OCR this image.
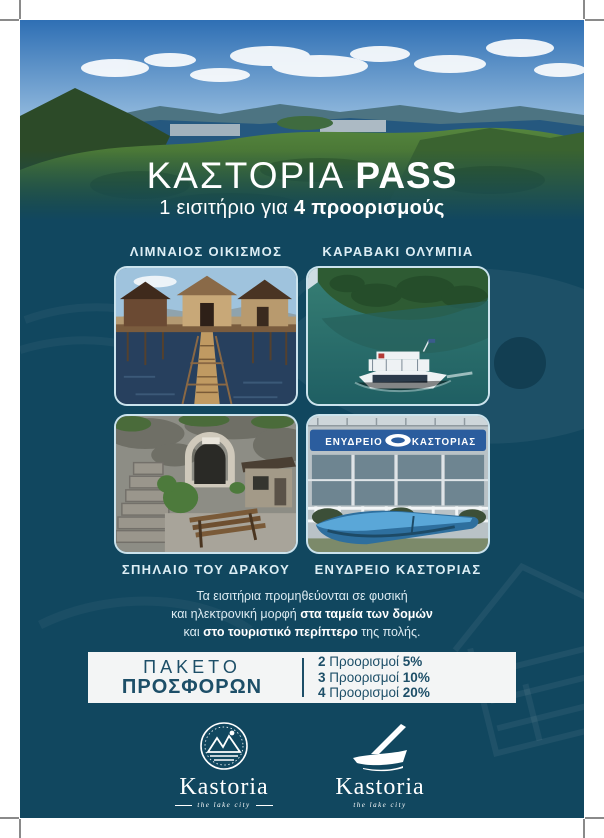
ΚΑΣΤΟΡΙΑ PASS
1 εισιτήριο για 4 προορισμούς
ΛΙΜΝΑΙΟΣ ΟΙΚΙΣΜΟΣ	ΚΑΡΑΒΑΚΙ ΟΛΥΜΠΙΑ
ΕΝΥΔΡΕΙΟ	ΚΑΣΤΟΡΙΑΣ
ΣΠΗΛΑΙΟ ΤΟΥ ΔΡΑΚΟΥ	ΕΝΥΔΡΕΙΟ ΚΑΣΤΟΡΙΑΣ
Τα εισιτήρια προμηθεύονται σε φυσική
και ηλεκτρονική μορφή στα ταμεία των δομών
και στο τουριστικό περίπτερο της πολής.
ΠΑΚΕΤΟ
ΠΡΟΣΦΟΡΩΝ
2 Προορισμοί 5%
3 Προορισμοί 10%
4 Προορισμοί 20%
Kastoria
the lake city
Kastoria
the lake city
